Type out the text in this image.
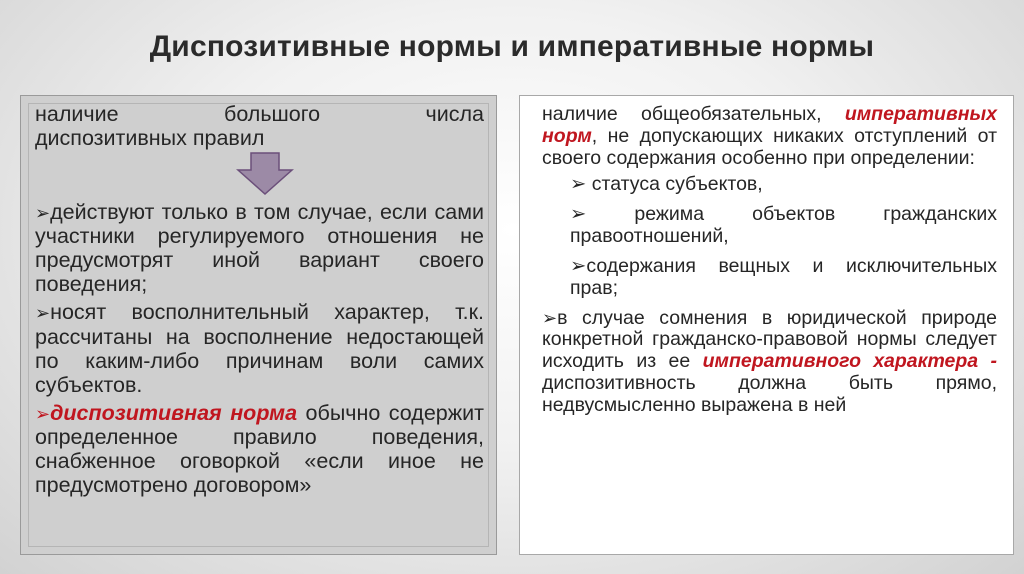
Диспозитивные нормы и императивные нормы

наличие большого числа

диспозитивных правил

➢действуют только в том случае, если сами участники регулируемого отношения не предусмотрят иной вариант своего поведения;

➢носят восполнительный характер, т.к. рассчитаны на восполнение недостающей по каким-либо причинам воли самих субъектов.

➢диспозитивная норма обычно содержит определенное правило поведения, снабженное оговоркой «если иное не предусмотрено договором»

наличие общеобязательных, императивных норм, не допускающих никаких отступлений от своего содержания особенно при определении:

➢ статуса субъектов,

➢ режима объектов гражданских правоотношений,

➢содержания вещных и исключительных прав;

➢в случае сомнения в юридической природе конкретной гражданско-правовой нормы следует исходить из ее императивного характера - диспозитивность должна быть прямо, недвусмысленно выражена в ней
